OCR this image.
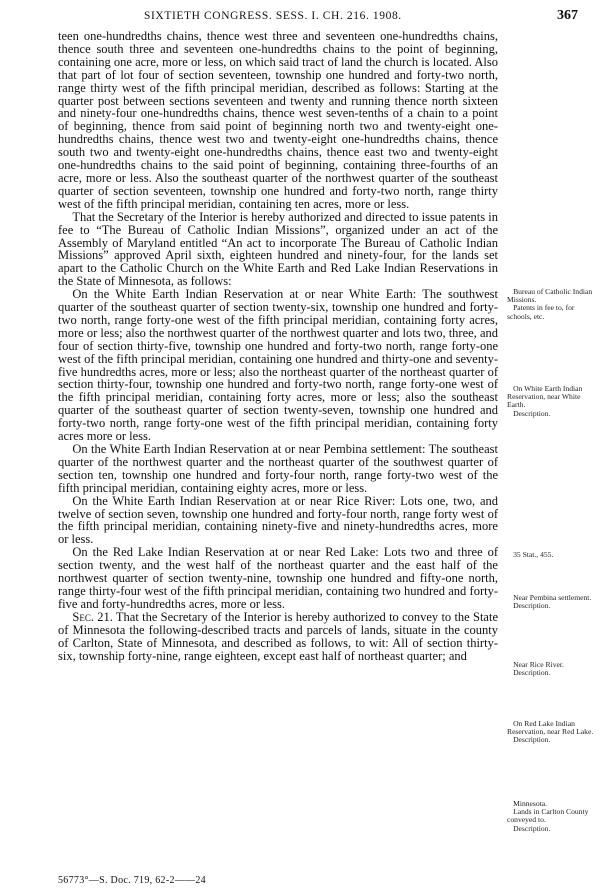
SIXTIETH CONGRESS. SESS. I. CH. 216. 1908.	367

teen one-hundredths chains, thence west three and seventeen one-hundredths chains, thence south three and seventeen one-hundredths chains to the point of beginning, containing one acre, more or less, on which said tract of land the church is located. Also that part of lot four of section seventeen, township one hundred and forty-two north, range thirty west of the fifth principal meridian, described as follows: Starting at the quarter post between sections seventeen and twenty and running thence north sixteen and ninety-four one-hundredths chains, thence west seven-tenths of a chain to a point of beginning, thence from said point of beginning north two and twenty-eight one-hundredths chains, thence west two and twenty-eight one-hundredths chains, thence south two and twenty-eight one-hundredths chains, thence east two and twenty-eight one-hundredths chains to the said point of beginning, containing three-fourths of an acre, more or less. Also the southeast quarter of the northwest quarter of the southeast quarter of section seventeen, township one hundred and forty-two north, range thirty west of the fifth principal meridian, containing ten acres, more or less.

That the Secretary of the Interior is hereby authorized and directed to issue patents in fee to “The Bureau of Catholic Indian Missions”, organized under an act of the Assembly of Maryland entitled “An act to incorporate The Bureau of Catholic Indian Missions” approved April sixth, eighteen hundred and ninety-four, for the lands set apart to the Catholic Church on the White Earth and Red Lake Indian Reservations in the State of Minnesota, as follows:

On the White Earth Indian Reservation at or near White Earth: The southwest quarter of the southeast quarter of section twenty-six, township one hundred and forty-two north, range forty-one west of the fifth principal meridian, containing forty acres, more or less; also the northwest quarter of the northwest quarter and lots two, three, and four of section thirty-five, township one hundred and forty-two north, range forty-one west of the fifth principal meridian, containing one hundred and thirty-one and seventy-five hundredths acres, more or less; also the northeast quarter of the northeast quarter of section thirty-four, township one hundred and forty-two north, range forty-one west of the fifth principal meridian, containing forty acres, more or less; also the southeast quarter of the southeast quarter of section twenty-seven, township one hundred and forty-two north, range forty-one west of the fifth principal meridian, containing forty acres more or less.

On the White Earth Indian Reservation at or near Pembina settlement: The southeast quarter of the northwest quarter and the northeast quarter of the southwest quarter of section ten, township one hundred and forty-four north, range forty-two west of the fifth principal meridian, containing eighty acres, more or less.

On the White Earth Indian Reservation at or near Rice River: Lots one, two, and twelve of section seven, township one hundred and forty-four north, range forty west of the fifth principal meridian, containing ninety-five and ninety-hundredths acres, more or less.

On the Red Lake Indian Reservation at or near Red Lake: Lots two and three of section twenty, and the west half of the northeast quarter and the east half of the northwest quarter of section twenty-nine, township one hundred and fifty-one north, range thirty-four west of the fifth principal meridian, containing two hundred and forty-five and forty-hundredths acres, more or less.

Sec. 21. That the Secretary of the Interior is hereby authorized to convey to the State of Minnesota the following-described tracts and parcels of lands, situate in the county of Carlton, State of Minnesota, and described as follows, to wit: All of section thirty-six, township forty-nine, range eighteen, except east half of northeast quarter; and

Bureau of Catholic Indian Missions.
Patents in fee to, for schools, etc.
On White Earth Indian Reservation, near White Earth.
Description.
35 Stat., 455.
Near Pembina settlement.
Description.
Near Rice River.
Description.
On Red Lake Indian Reservation, near Red Lake.
Description.
Minnesota.
Lands in Carlton County conveyed to.
Description.
56773°—S. Doc. 719, 62-2——24
